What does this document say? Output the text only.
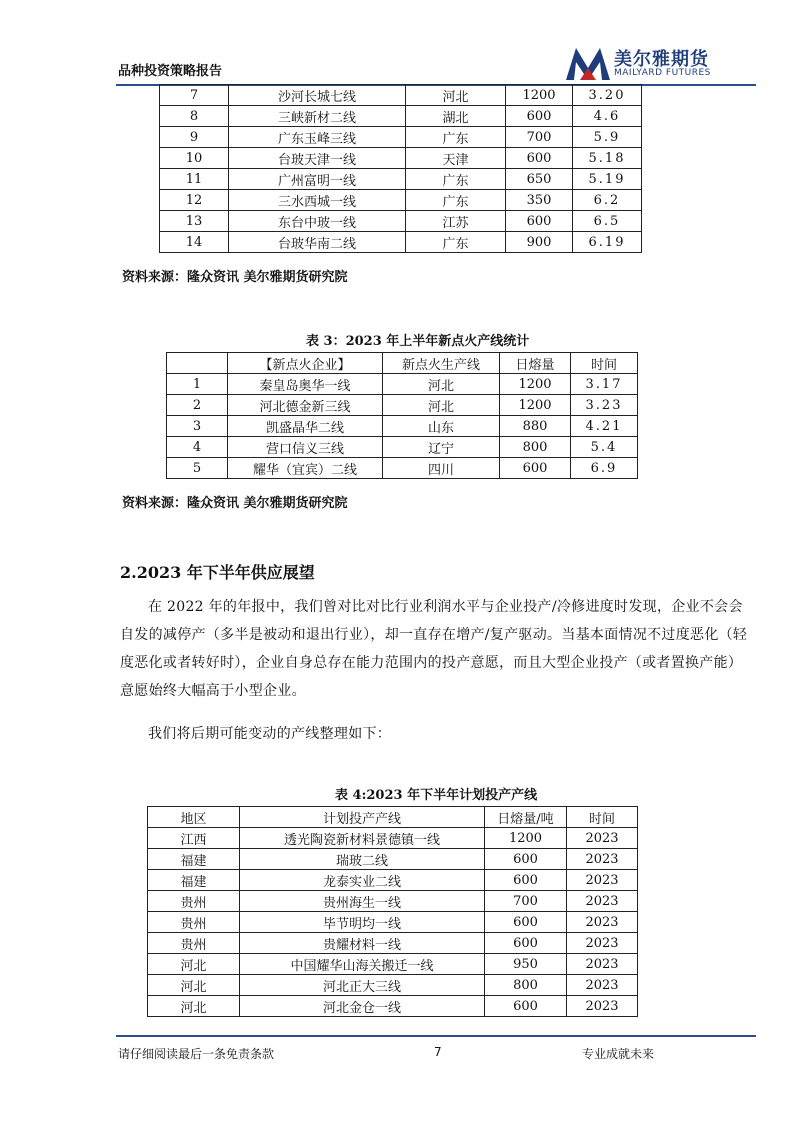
品种投资策略报告
美尔雅期货
MAILYARD FUTURES
7	沙河长城七线	河北	1200	3.20
8	三峡新材二线	湖北	600	4.6
9	广东玉峰三线	广东	700	5.9
10	台玻天津一线	天津	600	5.18
11	广州富明一线	广东	650	5.19
12	三水西城一线	广东	350	6.2
13	东台中玻一线	江苏	600	6.5
14	台玻华南二线	广东	900	6.19
资料来源：隆众资讯 美尔雅期货研究院
表 3：2023 年上半年新点火产线统计
	【新点火企业】	新点火生产线	日熔量	时间
1	秦皇岛奥华一线	河北	1200	3.17
2	河北德金新三线	河北	1200	3.23
3	凯盛晶华二线	山东	880	4.21
4	营口信义三线	辽宁	800	5.4
5	耀华（宜宾）二线	四川	600	6.9
资料来源：隆众资讯 美尔雅期货研究院
2.2023 年下半年供应展望

在 2022 年的年报中，我们曾对比对比行业利润水平与企业投产/冷修进度时发现，企业不会会自发的减停产（多半是被动和退出行业），却一直存在增产/复产驱动。当基本面情况不过度恶化（轻度恶化或者转好时），企业自身总存在能力范围内的投产意愿，而且大型企业投产（或者置换产能）意愿始终大幅高于小型企业。

我们将后期可能变动的产线整理如下：

表 4:2023 年下半年计划投产产线
地区	计划投产产线	日熔量/吨	时间
江西	透光陶瓷新材料景德镇一线	1200	2023
福建	瑞玻二线	600	2023
福建	龙泰实业二线	600	2023
贵州	贵州海生一线	700	2023
贵州	毕节明均一线	600	2023
贵州	贵耀材料一线	600	2023
河北	中国耀华山海关搬迁一线	950	2023
河北	河北正大三线	800	2023
河北	河北金仓一线	600	2023
请仔细阅读最后一条免责条款	7	专业成就未来
